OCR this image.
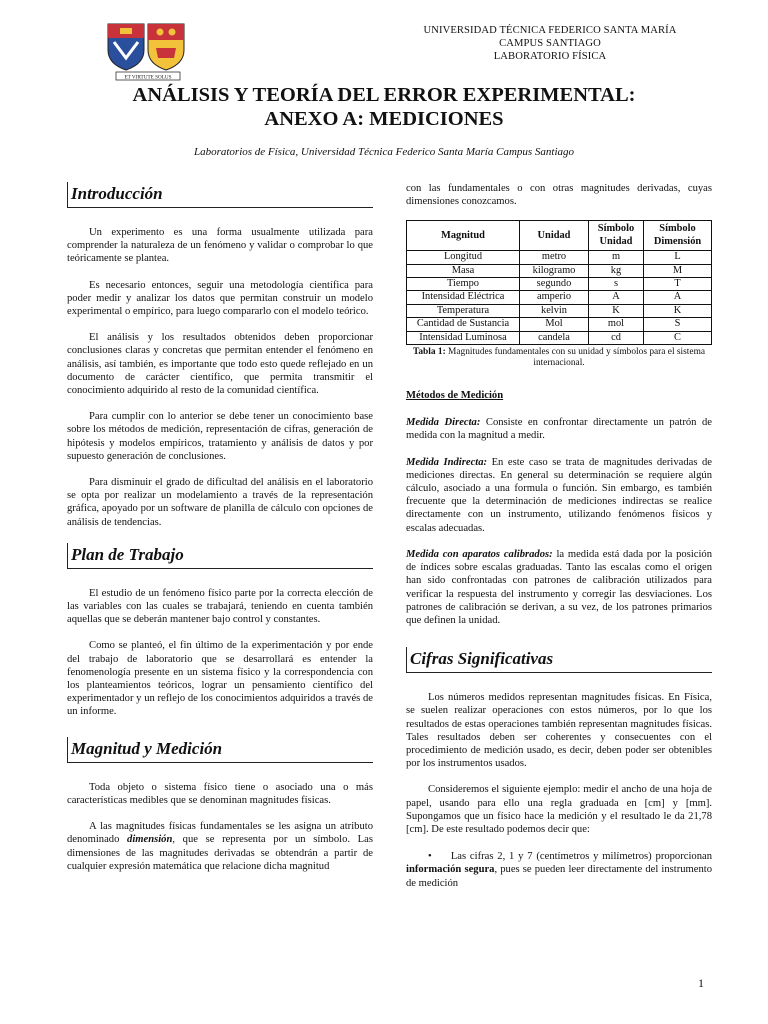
ET VIRTUTE SOLUS
UNIVERSIDAD TÉCNICA FEDERICO SANTA MARÍA
CAMPUS SANTIAGO
LABORATORIO FÍSICA
ANÁLISIS Y TEORÍA DEL ERROR EXPERIMENTAL:
ANEXO A: MEDICIONES
Laboratorios de Física, Universidad Técnica Federico Santa María Campus Santiago
Introducción

Un experimento es una forma usualmente utilizada para comprender la naturaleza de un fenómeno y validar o comprobar lo que teóricamente se plantea.

Es necesario entonces, seguir una metodología científica para poder medir y analizar los datos que permitan construir un modelo experimental o empírico, para luego compararlo con el modelo teórico.

El análisis y los resultados obtenidos deben proporcionar conclusiones claras y concretas que permitan entender el fenómeno en análisis, así también, es importante que todo esto quede reflejado en un documento de carácter científico, que permita transmitir el conocimiento adquirido al resto de la comunidad científica.

Para cumplir con lo anterior se debe tener un conocimiento base sobre los métodos de medición, representación de cifras, generación de hipótesis y modelos empíricos, tratamiento y análisis de datos y por supuesto generación de conclusiones.

Para disminuir el grado de dificultad del análisis en el laboratorio se opta por realizar un modelamiento a través de la representación gráfica, apoyado por un software de planilla de cálculo con opciones de análisis de tendencias.

Plan de Trabajo

El estudio de un fenómeno físico parte por la correcta elección de las variables con las cuales se trabajará, teniendo en cuenta también aquellas que se deberán mantener bajo control y constantes.

Como se planteó, el fin último de la experimentación y por ende del trabajo de laboratorio que se desarrollará es entender la fenomenología presente en un sistema físico y la correspondencia con los planteamientos teóricos, lograr un pensamiento científico del experimentador y un reflejo de los conocimientos adquiridos a través de un informe.

Magnitud y Medición

Toda objeto o sistema físico tiene o asociado una o más características medibles que se denominan magnitudes físicas.

A las magnitudes físicas fundamentales se les asigna un atributo denominado dimensión, que se representa por un símbolo. Las dimensiones de las magnitudes derivadas se obtendrán a partir de cualquier expresión matemática que relacione dicha magnitud

con las fundamentales o con otras magnitudes derivadas, cuyas dimensiones conozcamos.

Magnitud	Unidad	Símbolo Unidad	Símbolo Dimensión
Longitud	metro	m	L
Masa	kilogramo	kg	M
Tiempo	segundo	s	T
Intensidad Eléctrica	amperio	A	A
Temperatura	kelvin	K	K
Cantidad de Sustancia	Mol	mol	S
Intensidad Luminosa	candela	cd	C
Tabla 1: Magnitudes fundamentales con su unidad y símbolos para el sistema internacional.
Métodos de Medición

Medida Directa: Consiste en confrontar directamente un patrón de medida con la magnitud a medir.

Medida Indirecta: En este caso se trata de magnitudes derivadas de mediciones directas. En general su determinación se requiere algún cálculo, asociado a una formula o función. Sin embargo, es también frecuente que la determinación de mediciones indirectas se realice directamente con un instrumento, utilizando fenómenos físicos y escalas adecuadas.

Medida con aparatos calibrados: la medida está dada por la posición de índices sobre escalas graduadas. Tanto las escalas como el origen han sido confrontadas con patrones de calibración utilizados para verificar la respuesta del instrumento y corregir las desviaciones. Los patrones de calibración se derivan, a su vez, de los patrones primarios que definen la unidad.

Cifras Significativas

Los números medidos representan magnitudes físicas. En Física, se suelen realizar operaciones con estos números, por lo que los resultados de estas operaciones también representan magnitudes físicas. Tales resultados deben ser coherentes y consecuentes con el procedimiento de medición usado, es decir, deben poder ser obtenibles por los instrumentos usados.

Consideremos el siguiente ejemplo: medir el ancho de una hoja de papel, usando para ello una regla graduada en [cm] y [mm]. Supongamos que un físico hace la medición y el resultado le da 21,78 [cm]. De este resultado podemos decir que:

•     Las cifras 2, 1 y 7 (centímetros y milímetros) proporcionan información segura, pues se pueden leer directamente del instrumento de medición

1
